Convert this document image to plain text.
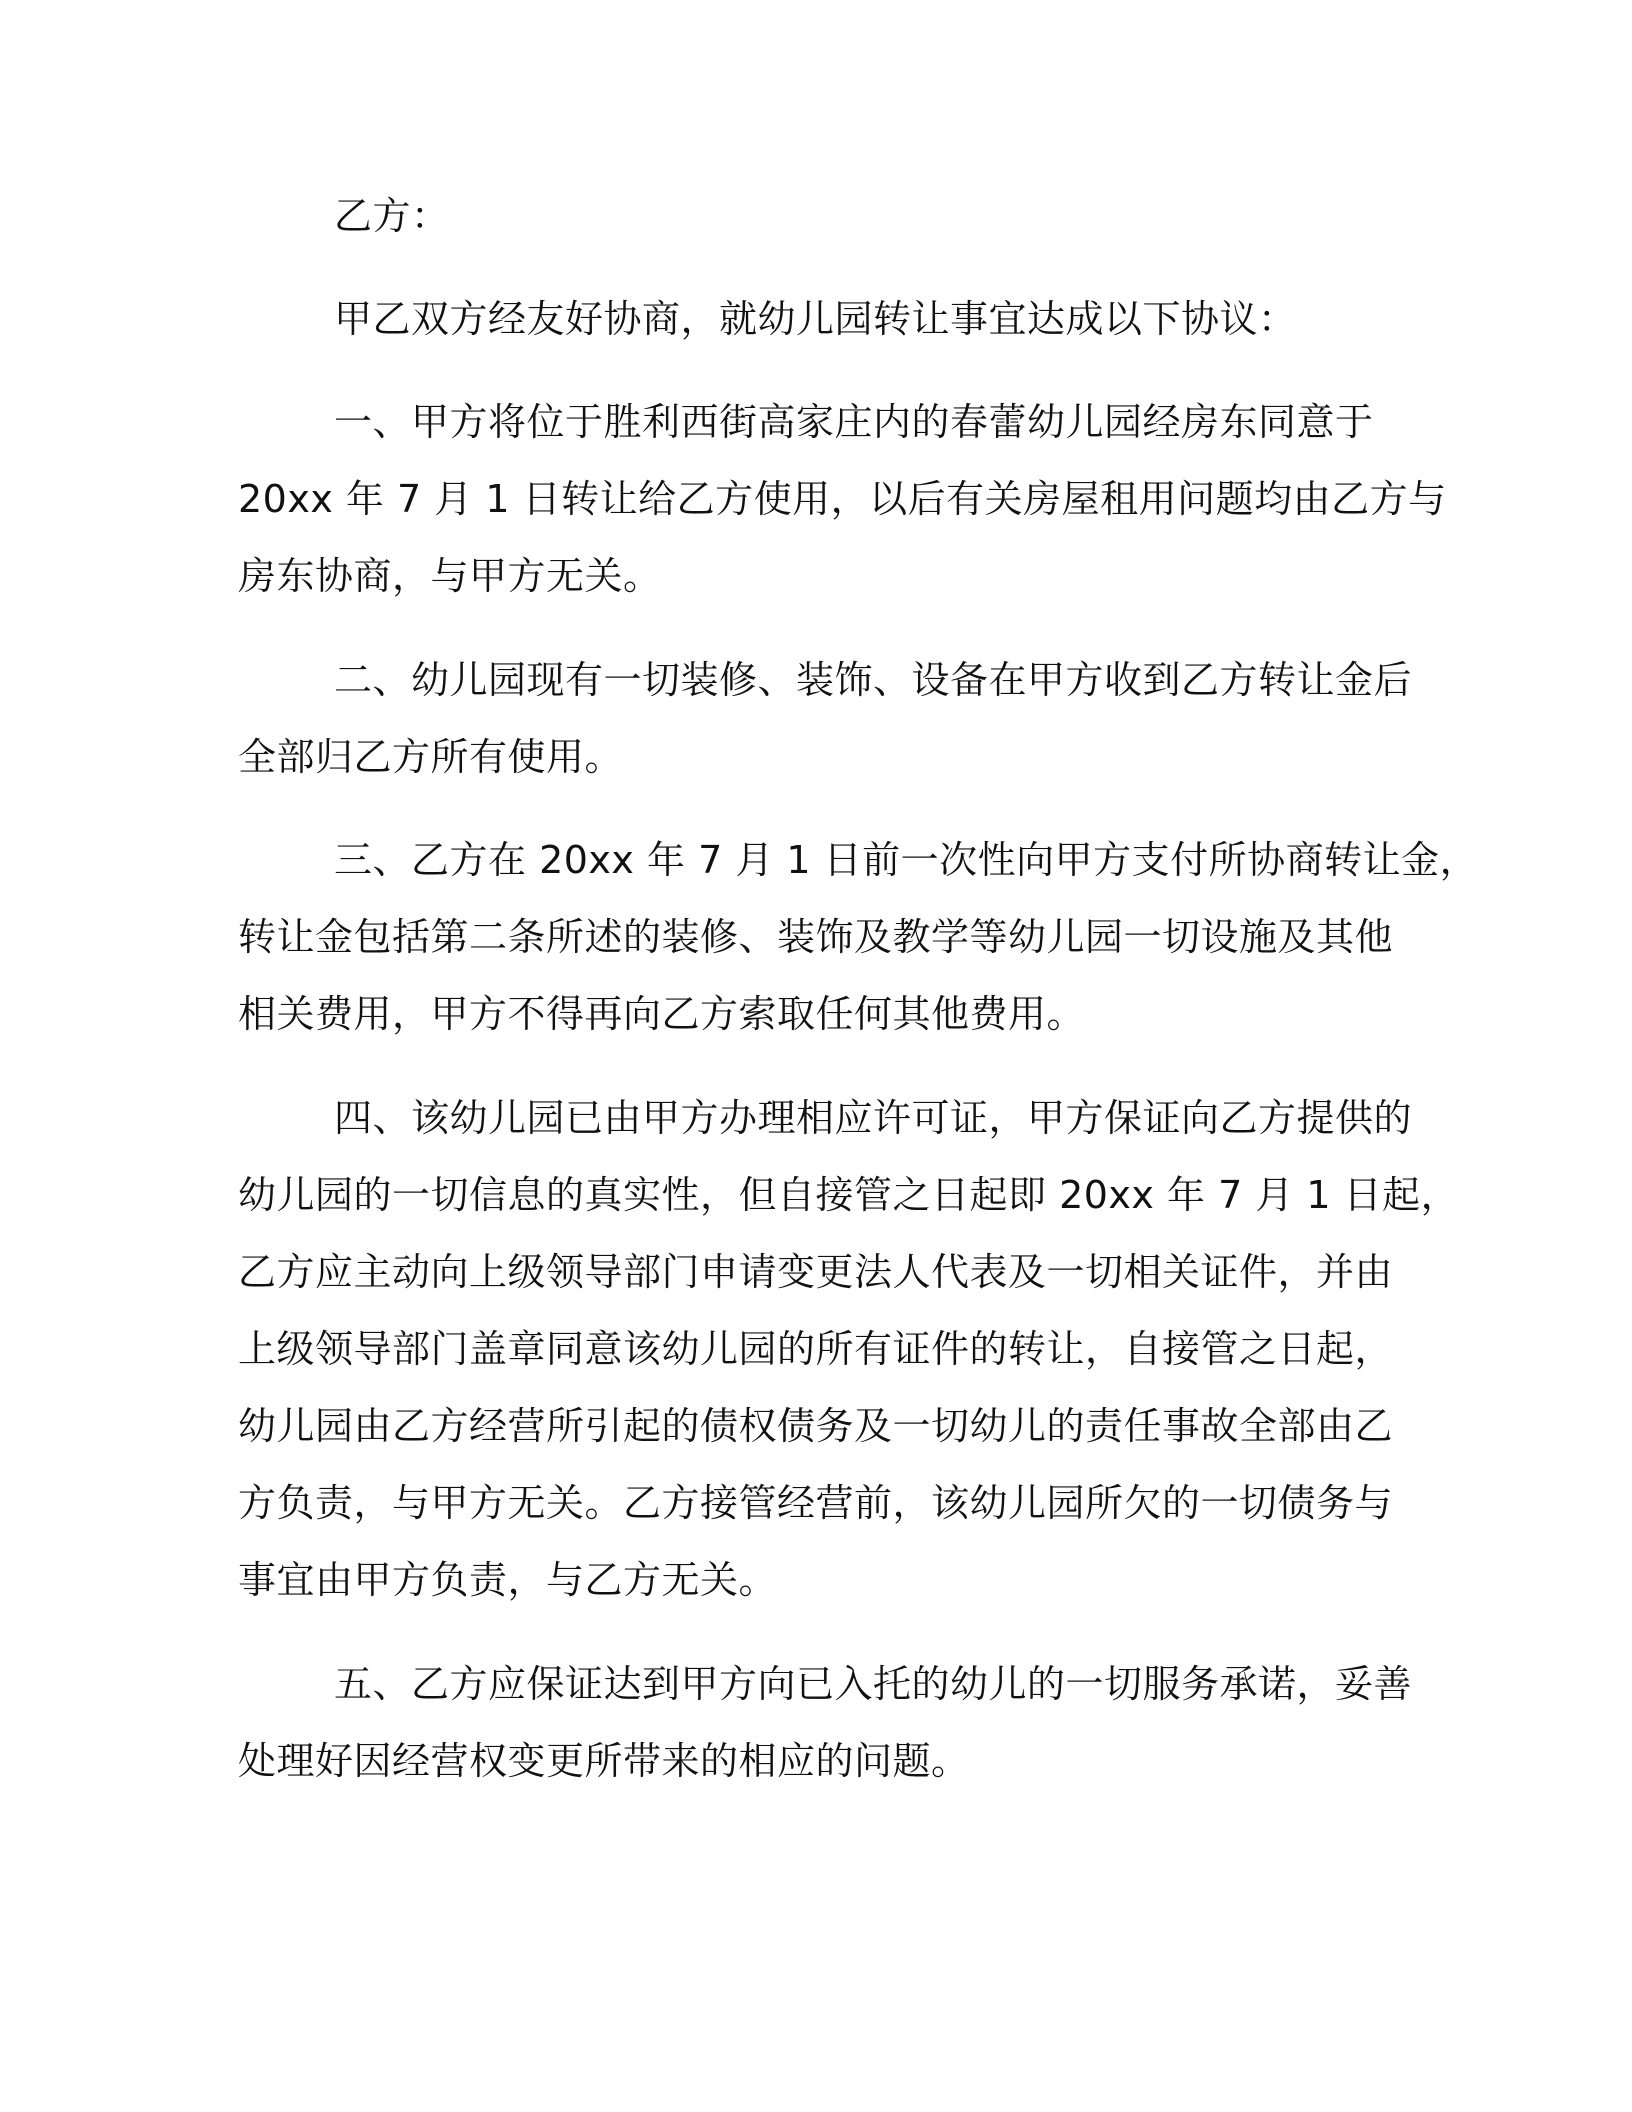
乙方：
甲乙双方经友好协商，就幼儿园转让事宜达成以下协议：
一、甲方将位于胜利西街高家庄内的春蕾幼儿园经房东同意于
20xx 年 7 月 1 日转让给乙方使用，以后有关房屋租用问题均由乙方与
房东协商，与甲方无关。
二、幼儿园现有一切装修、装饰、设备在甲方收到乙方转让金后
全部归乙方所有使用。
三、乙方在 20xx 年 7 月 1 日前一次性向甲方支付所协商转让金，
转让金包括第二条所述的装修、装饰及教学等幼儿园一切设施及其他
相关费用，甲方不得再向乙方索取任何其他费用。
四、该幼儿园已由甲方办理相应许可证，甲方保证向乙方提供的
幼儿园的一切信息的真实性，但自接管之日起即 20xx 年 7 月 1 日起，
乙方应主动向上级领导部门申请变更法人代表及一切相关证件，并由
上级领导部门盖章同意该幼儿园的所有证件的转让，自接管之日起，
幼儿园由乙方经营所引起的债权债务及一切幼儿的责任事故全部由乙
方负责，与甲方无关。乙方接管经营前，该幼儿园所欠的一切债务与
事宜由甲方负责，与乙方无关。
五、乙方应保证达到甲方向已入托的幼儿的一切服务承诺，妥善
处理好因经营权变更所带来的相应的问题。
